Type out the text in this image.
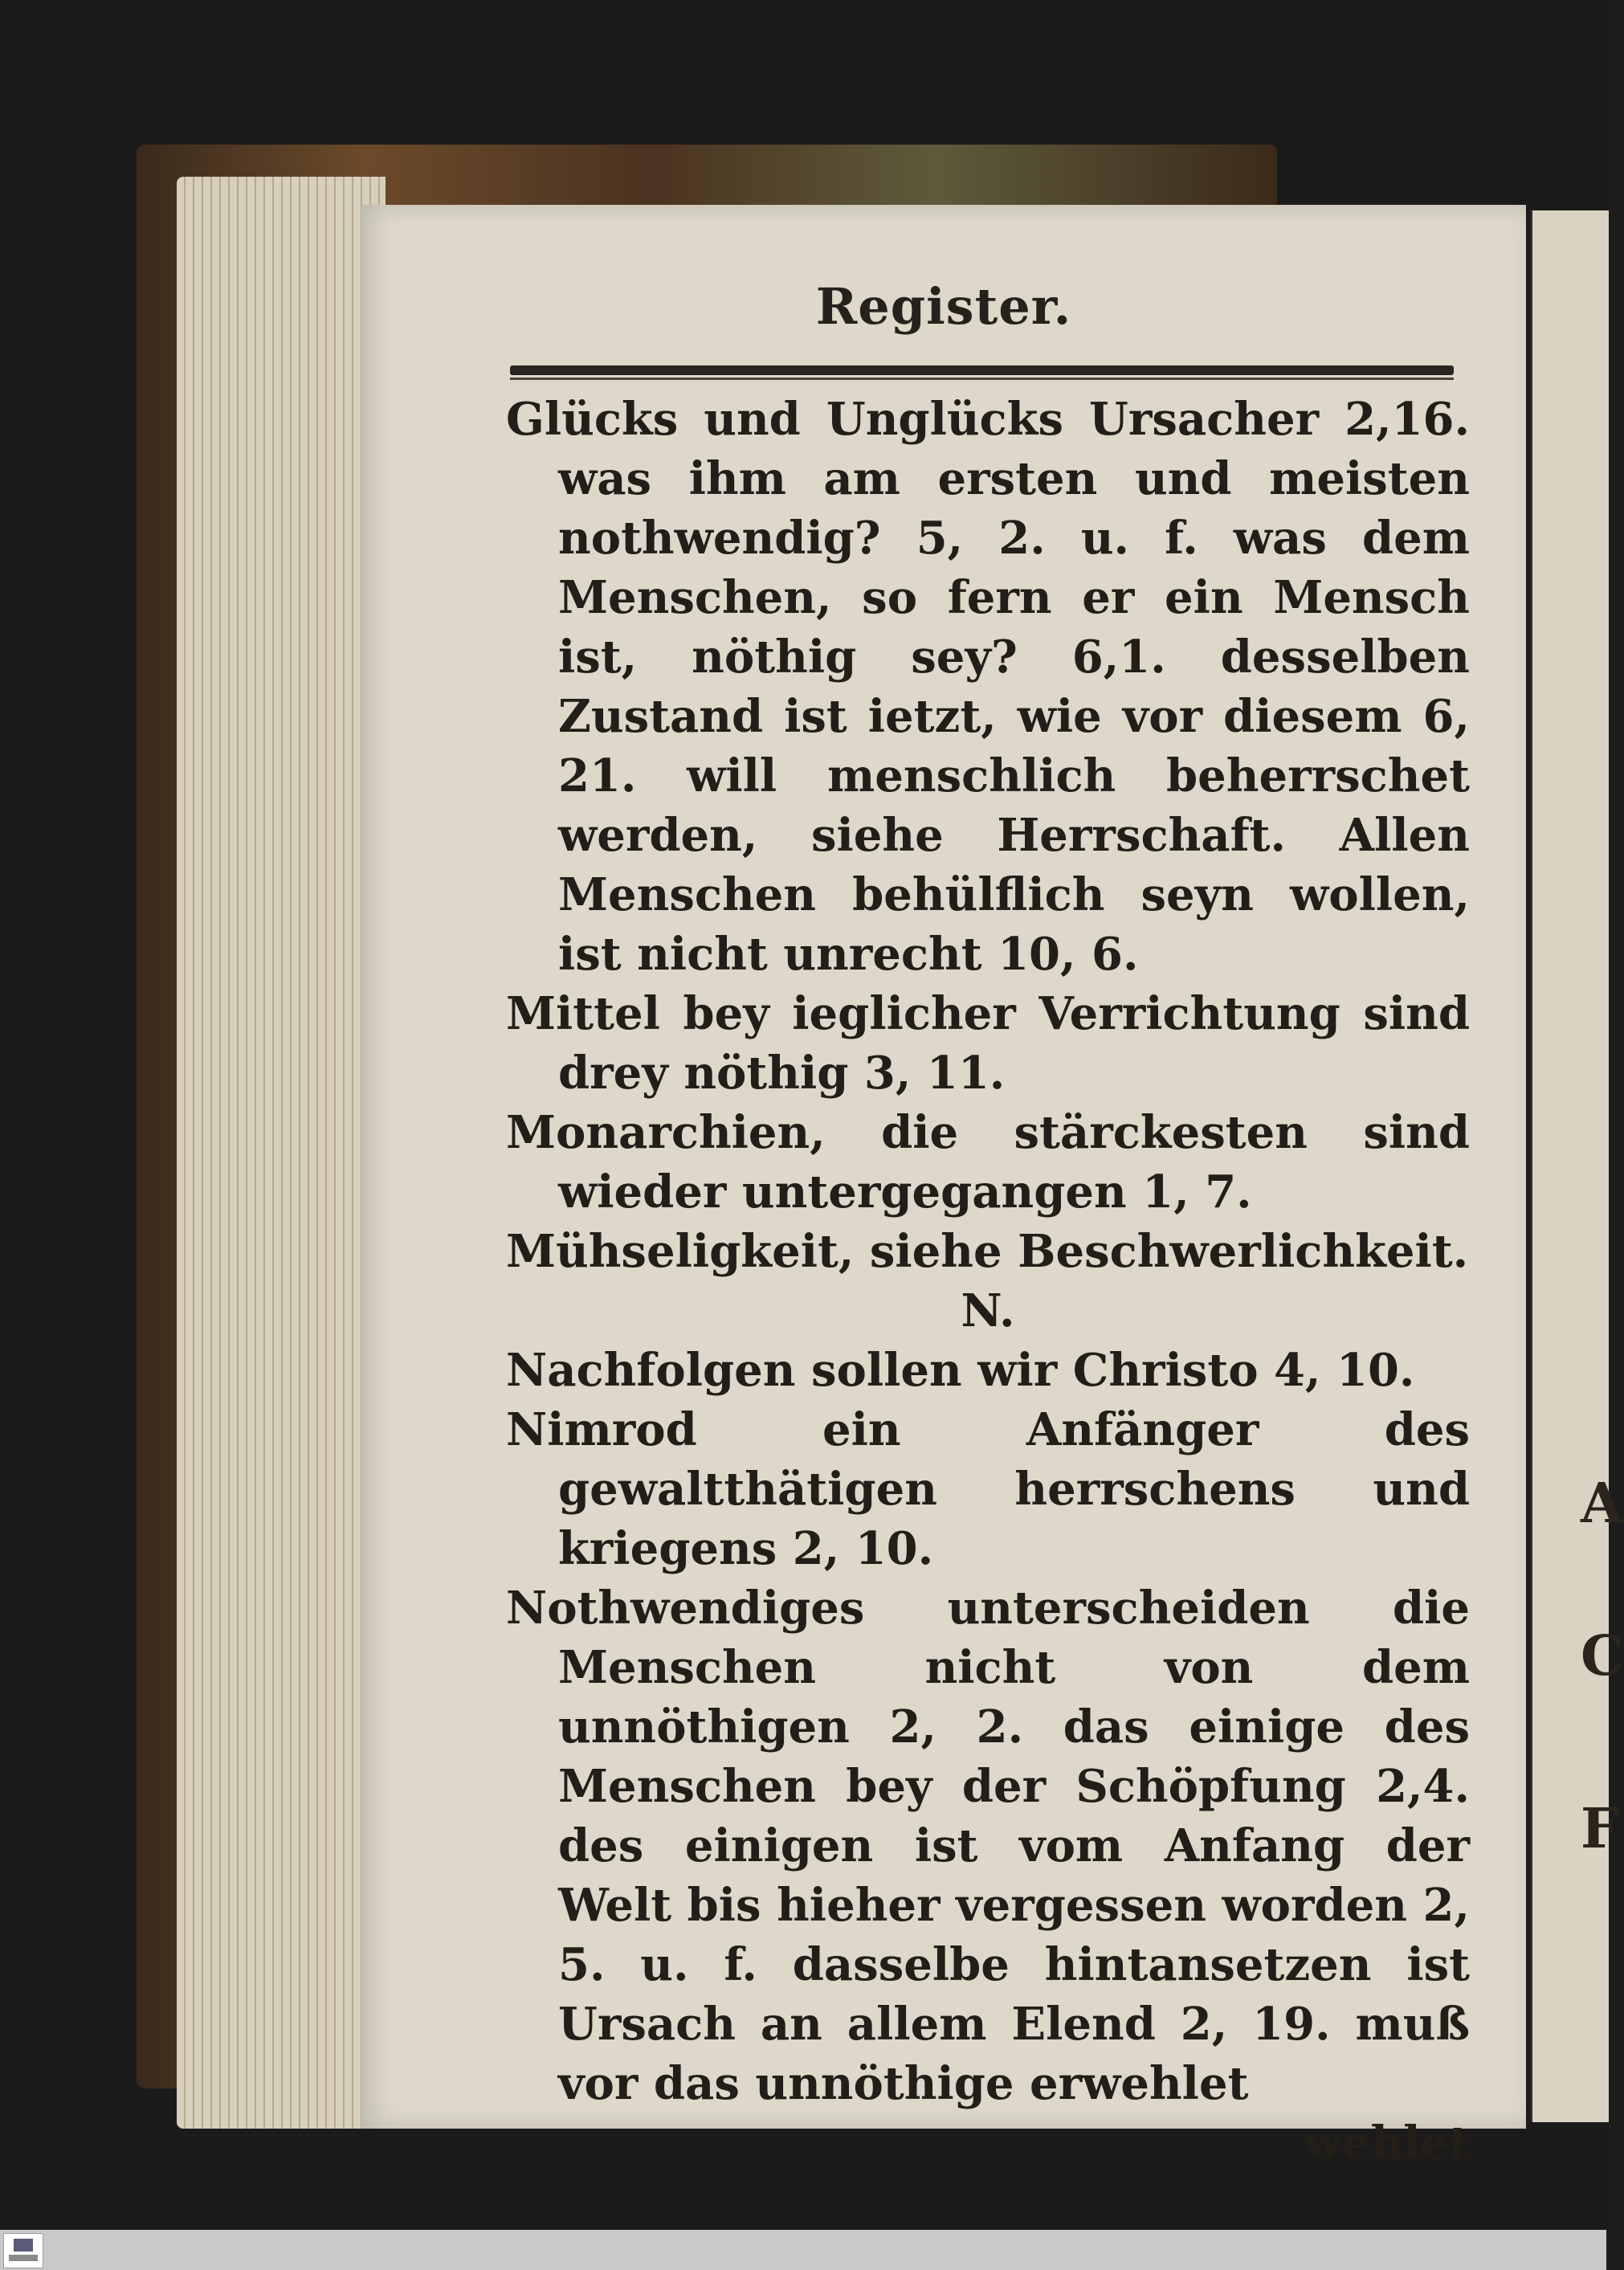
Register.
Glücks und Unglücks Ursacher 2,16. was ihm am ersten und meisten nothwendig? 5, 2. u. f. was dem Menschen, so fern er ein Mensch ist, nöthig sey? 6,1. desselben Zustand ist ietzt, wie vor diesem 6, 21. will menschlich beherrschet werden, siehe Herrschaft. Allen Menschen behülflich seyn wollen, ist nicht unrecht 10, 6.
Mittel bey ieglicher Verrichtung sind drey nöthig 3, 11.
Monarchien, die stärckesten sind wieder untergegangen 1, 7.
Mühseligkeit, siehe Beschwerlichkeit.
N.
Nachfolgen sollen wir Christo 4, 10.
Nimrod ein Anfänger des gewaltthätigen herrschens und kriegens 2, 10.
Nothwendiges unterscheiden die Menschen nicht von dem unnöthigen 2, 2. das einige des Menschen bey der Schöpfung 2,4. des einigen ist vom Anfang der Welt bis hieher vergessen worden 2, 5. u. f. dasselbe hintansetzen ist Ursach an allem Elend 2, 19. muß vor das unnöthige erwehlet
wehlet
A
C
F
